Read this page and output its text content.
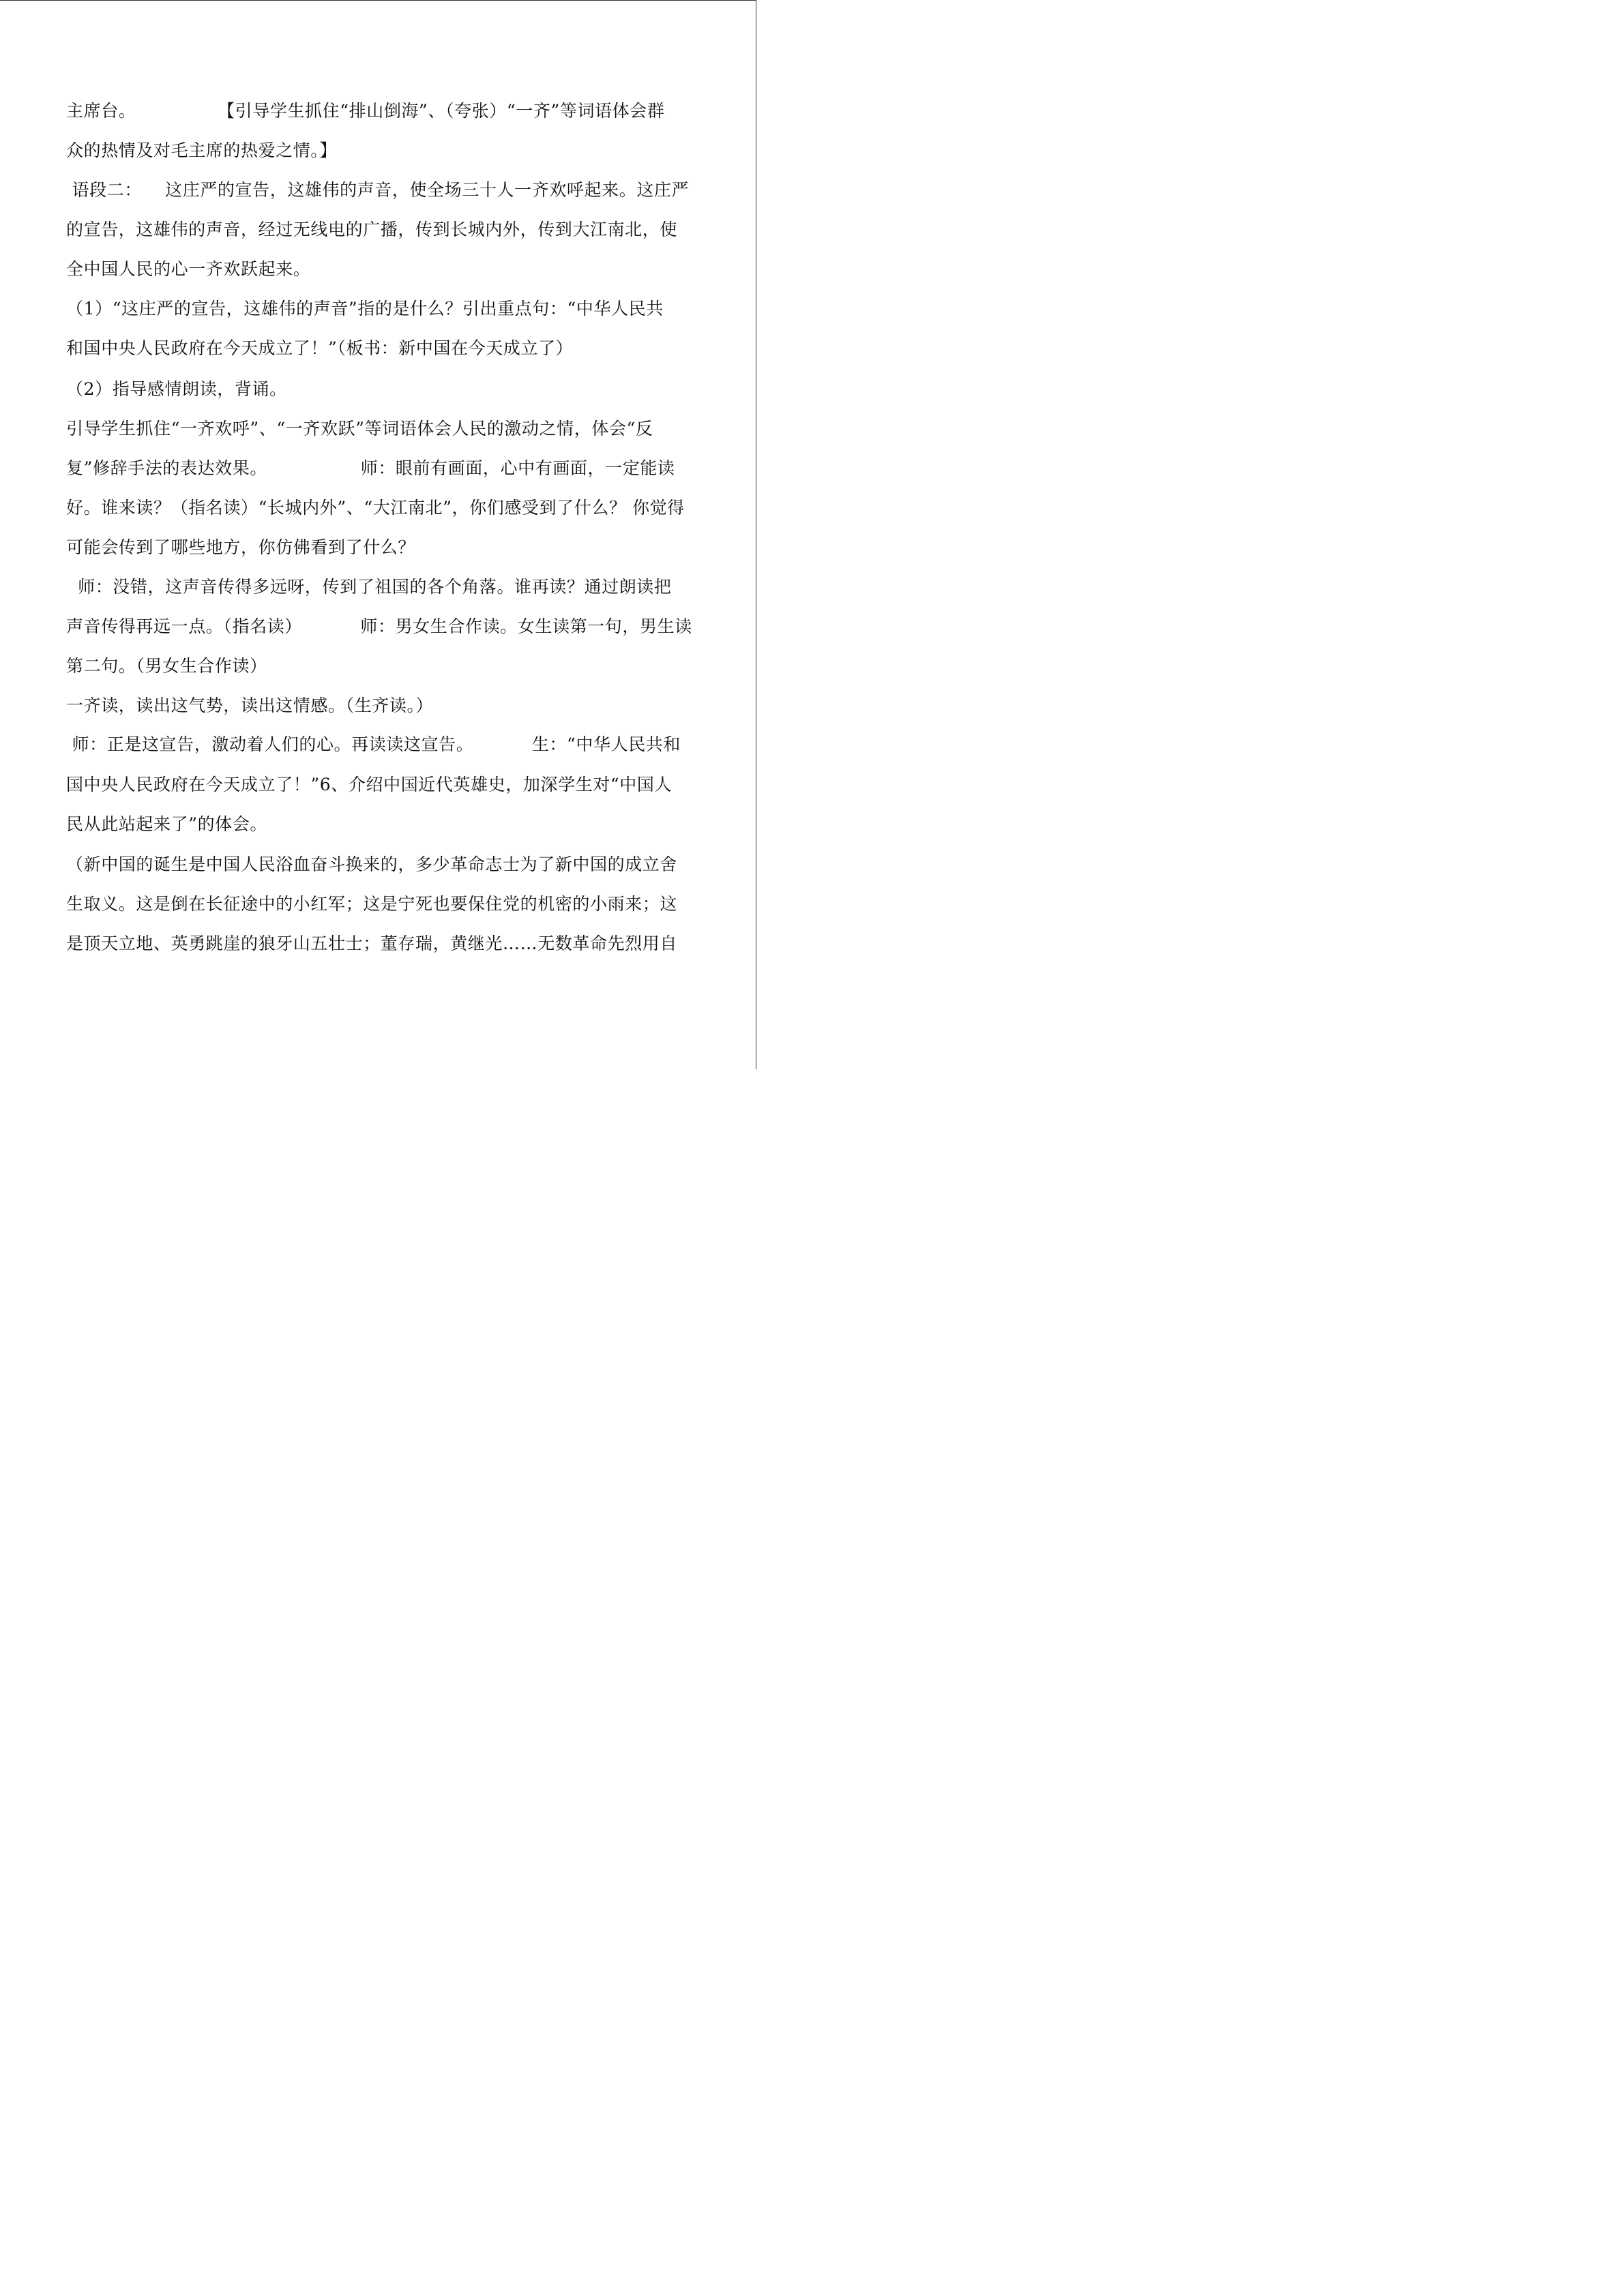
主席台。              【引导学生抓住“排山倒海”、（夸张）“一齐”等词语体会群
众的热情及对毛主席的热爱之情。】
语段二：    这庄严的宣告，这雄伟的声音，使全场三十人一齐欢呼起来。这庄严
的宣告，这雄伟的声音，经过无线电的广播，传到长城内外，传到大江南北，使
全中国人民的心一齐欢跃起来。
（1）“这庄严的宣告，这雄伟的声音”指的是什么？引出重点句：“中华人民共
和国中央人民政府在今天成立了！”（板书：新中国在今天成立了）
（2）指导感情朗读，背诵。
引导学生抓住“一齐欢呼”、“一齐欢跃”等词语体会人民的激动之情，体会“反
复”修辞手法的表达效果。                师：眼前有画面，心中有画面，一定能读
好。谁来读？（指名读）“长城内外”、“大江南北”，你们感受到了什么？ 你觉得
可能会传到了哪些地方，你仿佛看到了什么？
师：没错，这声音传得多远呀，传到了祖国的各个角落。谁再读？通过朗读把
声音传得再远一点。（指名读）          师：男女生合作读。女生读第一句，男生读
第二句。（男女生合作读）
一齐读，读出这气势，读出这情感。（生齐读。）
师：正是这宣告，激动着人们的心。再读读这宣告。          生：“中华人民共和
国中央人民政府在今天成立了！”6、介绍中国近代英雄史，加深学生对“中国人
民从此站起来了”的体会。
（新中国的诞生是中国人民浴血奋斗换来的，多少革命志士为了新中国的成立舍
生取义。这是倒在长征途中的小红军；这是宁死也要保住党的机密的小雨来；这
是顶天立地、英勇跳崖的狼牙山五壮士；董存瑞，黄继光……无数革命先烈用自
